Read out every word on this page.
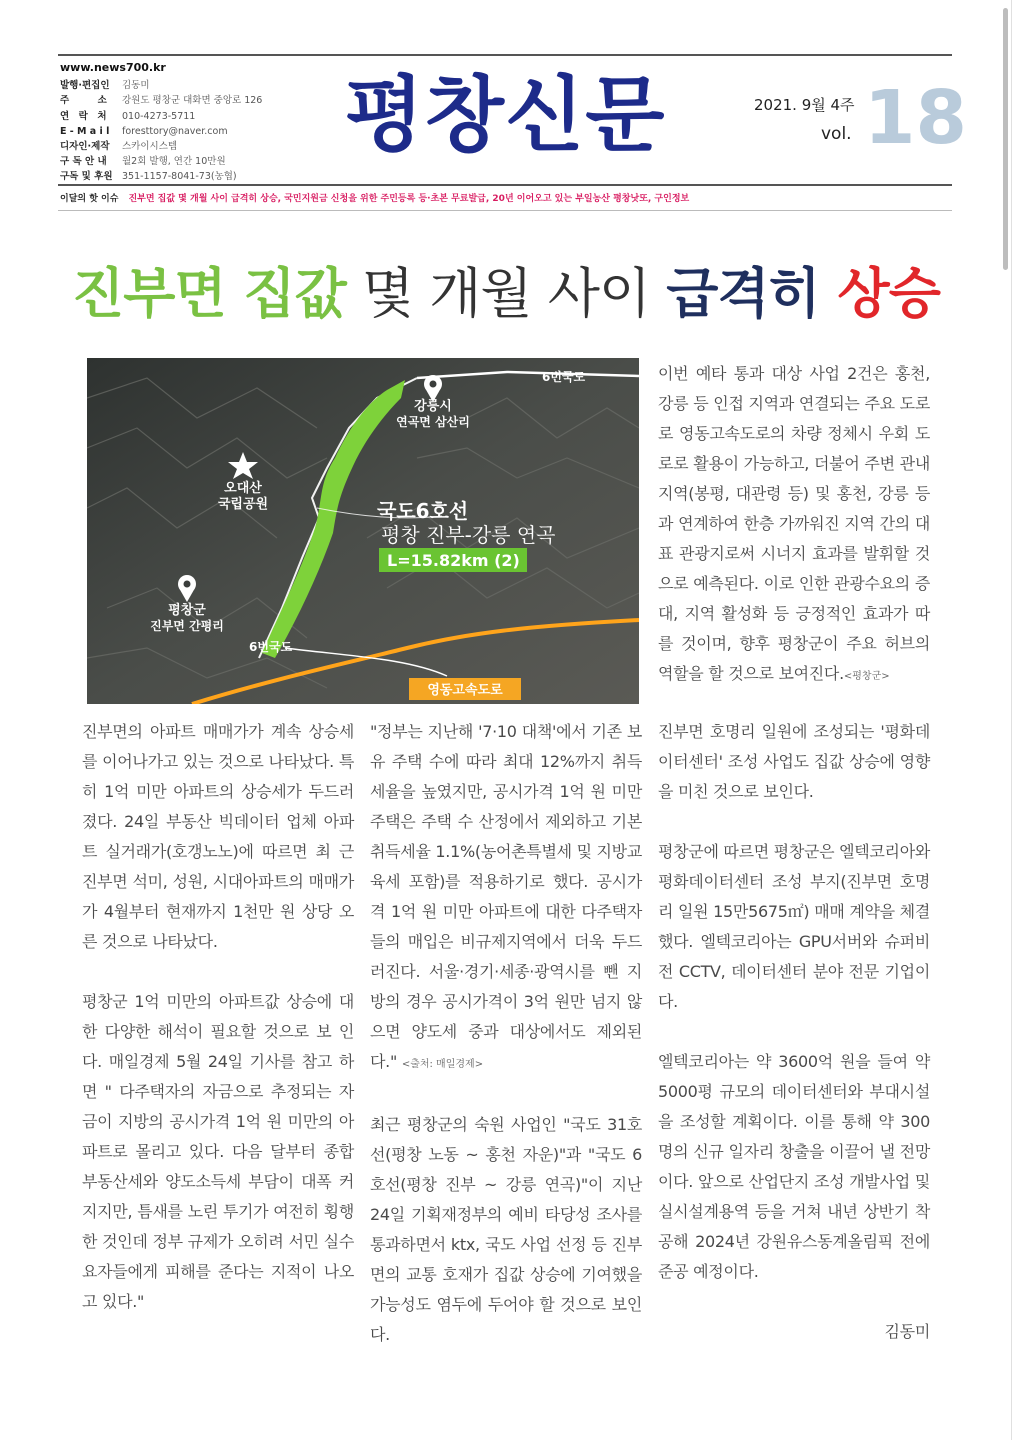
www.news700.kr
발행·편집인	김동미
주　　　소	강원도 평창군 대화면 중앙로 126
연　락　처	010-4273-5711
E - M a i l	foresttory@naver.com
디자인·제작	스카이시스템
구 독 안 내	월2회 발행, 연간 10만원
구독 및 후원	351-1157-8041-73(농협)
평창신문	2021. 9월 4주
vol. 18
이달의 핫 이슈 진부면 집값 몇 개월 사이 급격히 상승, 국민지원금 신청을 위한 주민등록 등·초본 무료발급, 20년 이어오고 있는 부일농산 평창낫또, 구인정보
진부면 집값 몇 개월 사이 급격히 상승
6번국도
강릉시
연곡면 삼산리
오대산
국립공원
평창군
진부면 간평리
6번국도
국도6호선
평창 진부-강릉 연곡
L=15.82km (2)
영동고속도로

이번 예타 통과 대상 사업 2건은 홍천, 강릉 등 인접 지역과 연결되는 주요 도로로 영동고속도로의 차량 정체시 우회 도로로 활용이 가능하고, 더불어 주변 관내 지역(봉평, 대관령 등) 및 홍천, 강릉 등과 연계하여 한층 가까워진 지역 간의 대표 관광지로써 시너지 효과를 발휘할 것으로 예측된다. 이로 인한 관광수요의 증대, 지역 활성화 등 긍정적인 효과가 따를 것이며, 향후 평창군이 주요 허브의 역할을 할 것으로 보여진다.<평창군>

진부면의 아파트 매매가가 계속 상승세를 이어나가고 있는 것으로 나타났다. 특히 1억 미만 아파트의 상승세가 두드러졌다. 24일 부동산 빅데이터 업체 아파트 실거래가(호갱노노)에 따르면 최 근 진부면 석미, 성원, 시대아파트의 매매가가 4월부터 현재까지 1천만 원 상당 오른 것으로 나타났다.

평창군 1억 미만의 아파트값 상승에 대한 다양한 해석이 필요할 것으로 보 인다. 매일경제 5월 24일 기사를 참고 하면 " 다주택자의 자금으로 추정되는 자금이 지방의 공시가격 1억 원 미만의 아파트로 몰리고 있다. 다음 달부터 종합 부동산세와 양도소득세 부담이 대폭 커지지만, 틈새를 노린 투기가 여전히 횡행한 것인데 정부 규제가 오히려 서민 실수요자들에게 피해를 준다는 지적이 나오고 있다."

"정부는 지난해 '7·10 대책'에서 기존 보유 주택 수에 따라 최대 12%까지 취득세율을 높였지만, 공시가격 1억 원 미만 주택은 주택 수 산정에서 제외하고 기본 취득세율 1.1%(농어촌특별세 및 지방교육세 포함)를 적용하기로 했다. 공시가격 1억 원 미만 아파트에 대한 다주택자들의 매입은 비규제지역에서 더욱 두드러진다. 서울·경기·세종·광역시를 뺀 지방의 경우 공시가격이 3억 원만 넘지 않으면 양도세 중과 대상에서도 제외된다." <출처: 매일경제>

최근 평창군의 숙원 사업인 "국도 31호선(평창 노동 ~ 홍천 자운)"과 "국도 6호선(평창 진부 ~ 강릉 연곡)"이 지난 24일 기획재정부의 예비 타당성 조사를 통과하면서 ktx, 국도 사업 선정 등 진부면의 교통 호재가 집값 상승에 기여했을 가능성도 염두에 두어야 할 것으로 보인다.

진부면 호명리 일원에 조성되는 '평화데이터센터' 조성 사업도 집값 상승에 영향을 미친 것으로 보인다.

평창군에 따르면 평창군은 엘텍코리아와 평화데이터센터 조성 부지(진부면 호명리 일원 15만5675㎡) 매매 계약을 체결했다. 엘텍코리아는 GPU서버와 슈퍼비전 CCTV, 데이터센터 분야 전문 기업이다.

엘텍코리아는 약 3600억 원을 들여 약 5000평 규모의 데이터센터와 부대시설을 조성할 계획이다. 이를 통해 약 300명의 신규 일자리 창출을 이끌어 낼 전망이다. 앞으로 산업단지 조성 개발사업 및 실시설계용역 등을 거쳐 내년 상반기 착공해 2024년 강원유스동계올림픽 전에 준공 예정이다.

김동미
